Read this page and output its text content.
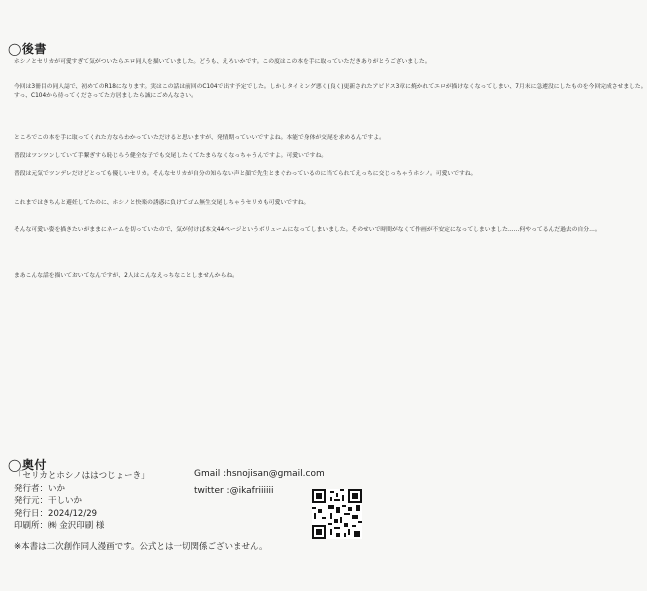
◯後書
ホシノとセリカが可愛すぎて気がついたらエロ同人を描いていました。どうも、えろいかです。この度はこの本を手に取っていただきありがとうございました。
今回は3冊目の同人誌で、初めてのR18になります。実はこの話は前回のC104で出す予定でした。しかしタイミング悪く(良く)更新されたアビドス3章に焼かれてエロが描けなくなってしまい、7月末に急遽没にしたものを今回完成させました。
すっ、C104から待ってくださってた方居ましたら誠にごめんなさい。
ところでこの本を手に取ってくれた方ならわかっていただけると思いますが、発情期っていいですよね。本能で身体が交尾を求めるんですよ。
普段はツンツンしていて手繋ぎすら恥じらう健全な子でも交尾したくてたまらなくなっちゃうんですよ。可愛いですね。
普段は元気でツンデレだけどとっても優しいセリカ。そんなセリカが自分の知らない声と顔で先生とまぐわっているのに当てられてえっちに交じっちゃうホシノ。可愛いですね。
これまではきちんと避妊してたのに、ホシノと快楽の誘惑に負けてゴム無生交尾しちゃうセリカも可愛いですね。
そんな可愛い姿を描きたいがままにネームを切っていたので、気が付けば本文44ページというボリュームになってしまいました。そのせいで時間がなくて作画が不安定になってしまいました……何やってるんだ過去の自分…。
まあこんな話を描いておいてなんですが、2人はこんなえっちなことしませんからね。
◯奥付
「セリカとホシノははつじょーき」
発行者：いか
発行元：干しいか
発行日：2024/12/29
印刷所：㈱ 金沢印刷 様
Gmail :hsnojisan@gmail.com
twitter :@ikafriiiiii
※本書は二次創作同人漫画です。公式とは一切関係ございません。
